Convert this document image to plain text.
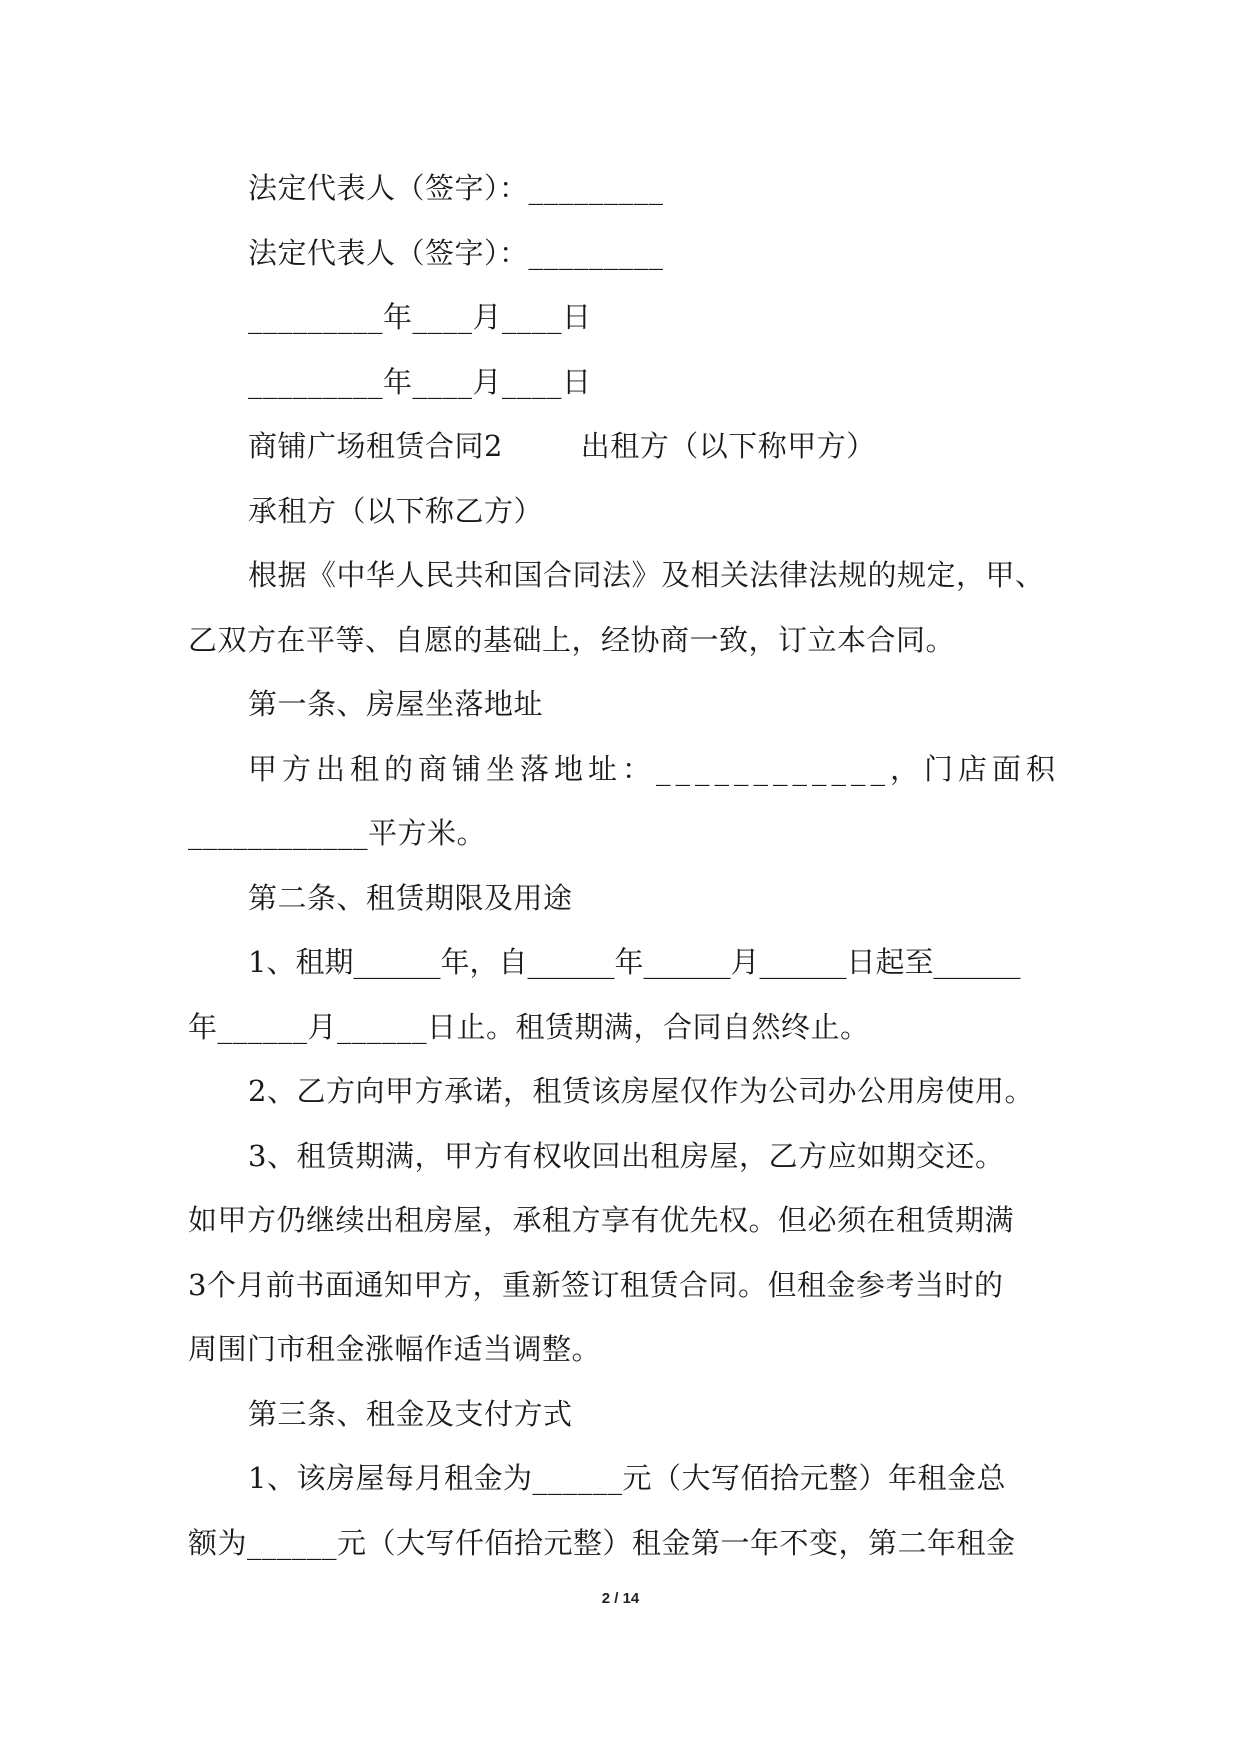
法定代表人（签字）：_________
法定代表人（签字）：_________
_________年____月____日
_________年____月____日
商铺广场租赁合同2        出租方（以下称甲方）
承租方（以下称乙方）
根据《中华人民共和国合同法》及相关法律法规的规定，甲、
乙双方在平等、自愿的基础上，经协商一致，订立本合同。
第一条、房屋坐落地址
甲方出租的商铺坐落地址：____________，门店面积
____________平方米。
第二条、租赁期限及用途
1、租期______年，自______年______月______日起至______
年______月______日止。租赁期满，合同自然终止。
2、乙方向甲方承诺，租赁该房屋仅作为公司办公用房使用。
3、租赁期满，甲方有权收回出租房屋，乙方应如期交还。
如甲方仍继续出租房屋，承租方享有优先权。但必须在租赁期满
3个月前书面通知甲方，重新签订租赁合同。但租金参考当时的
周围门市租金涨幅作适当调整。
第三条、租金及支付方式
1、该房屋每月租金为______元（大写佰拾元整）年租金总
额为______元（大写仟佰拾元整）租金第一年不变，第二年租金
2 / 14
